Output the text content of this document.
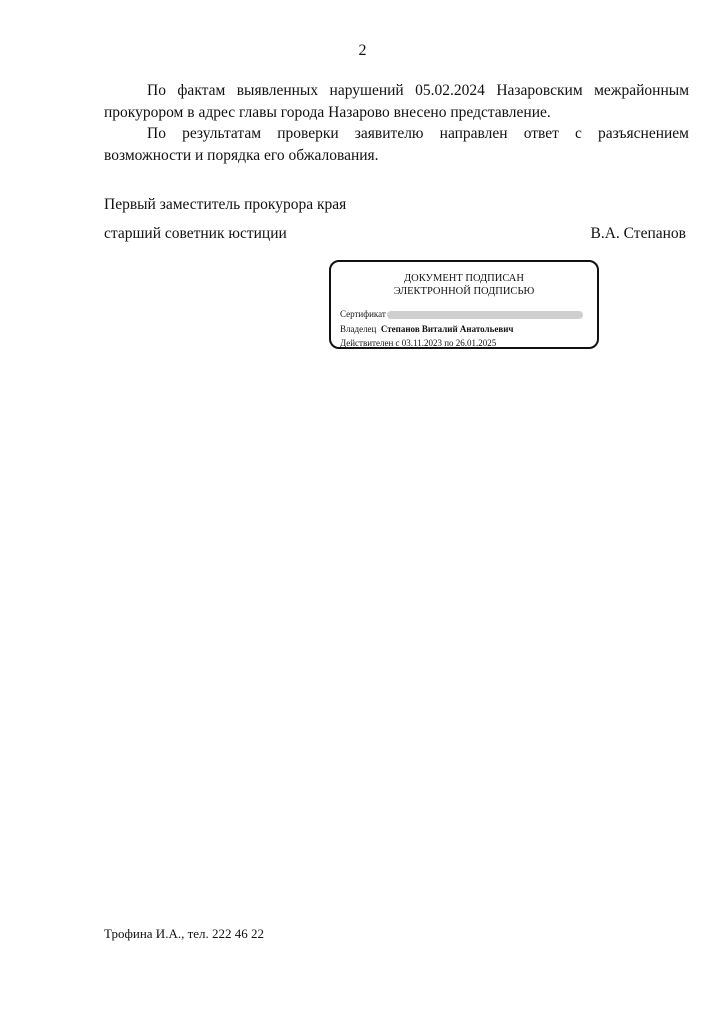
2

По фактам выявленных нарушений 05.02.2024 Назаровским межрайонным прокурором в адрес главы города Назарово внесено представление.

По результатам проверки заявителю направлен ответ с разъяснением возможности и порядка его обжалования.

Первый заместитель прокурора края
старший советник юстиции	В.А. Степанов
ДОКУМЕНТ ПОДПИСАН
ЭЛЕКТРОННОЙ ПОДПИСЬЮ
Сертификат
Владелец Степанов Виталий Анатольевич
Действителен с 03.11.2023 по 26.01.2025
Трофина И.А., тел. 222 46 22
